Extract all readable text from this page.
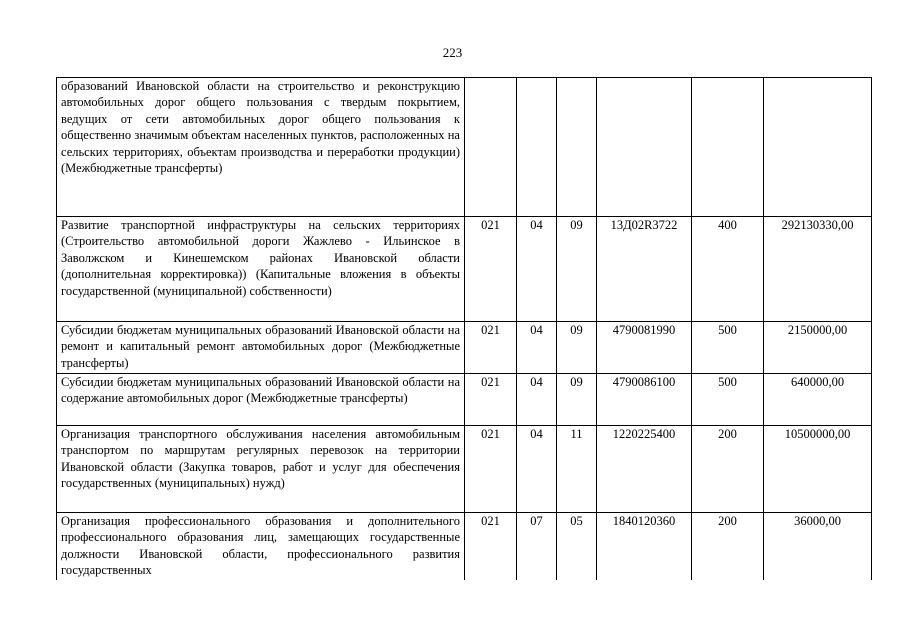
223
образований Ивановской области на строительство и реконструкцию автомобильных дорог общего пользования с твердым покрытием, ведущих от сети автомобильных дорог общего пользования к общественно значимым объектам населенных пунктов, расположенных на сельских территориях, объектам производства и переработки продукции) (Межбюджетные трансферты)						
Развитие транспортной инфраструктуры на сельских территориях (Строительство автомобильной дороги Жажлево - Ильинское в Заволжском и Кинешемском районах Ивановской области (дополнительная корректировка)) (Капитальные вложения в объекты государственной (муниципальной) собственности)	021	04	09	13Д02R3722	400	292130330,00
Субсидии бюджетам муниципальных образований Ивановской области на ремонт и капитальный ремонт автомобильных дорог (Межбюджетные трансферты)	021	04	09	4790081990	500	2150000,00
Субсидии бюджетам муниципальных образований Ивановской области на содержание автомобильных дорог (Межбюджетные трансферты)	021	04	09	4790086100	500	640000,00
Организация транспортного обслуживания населения автомобильным транспортом по маршрутам регулярных перевозок на территории Ивановской области (Закупка товаров, работ и услуг для обеспечения государственных (муниципальных) нужд)	021	04	11	1220225400	200	10500000,00
Организация профессионального образования и дополнительного профессионального образования лиц, замещающих государственные должности Ивановской области, профессионального развития государственных	021	07	05	1840120360	200	36000,00
